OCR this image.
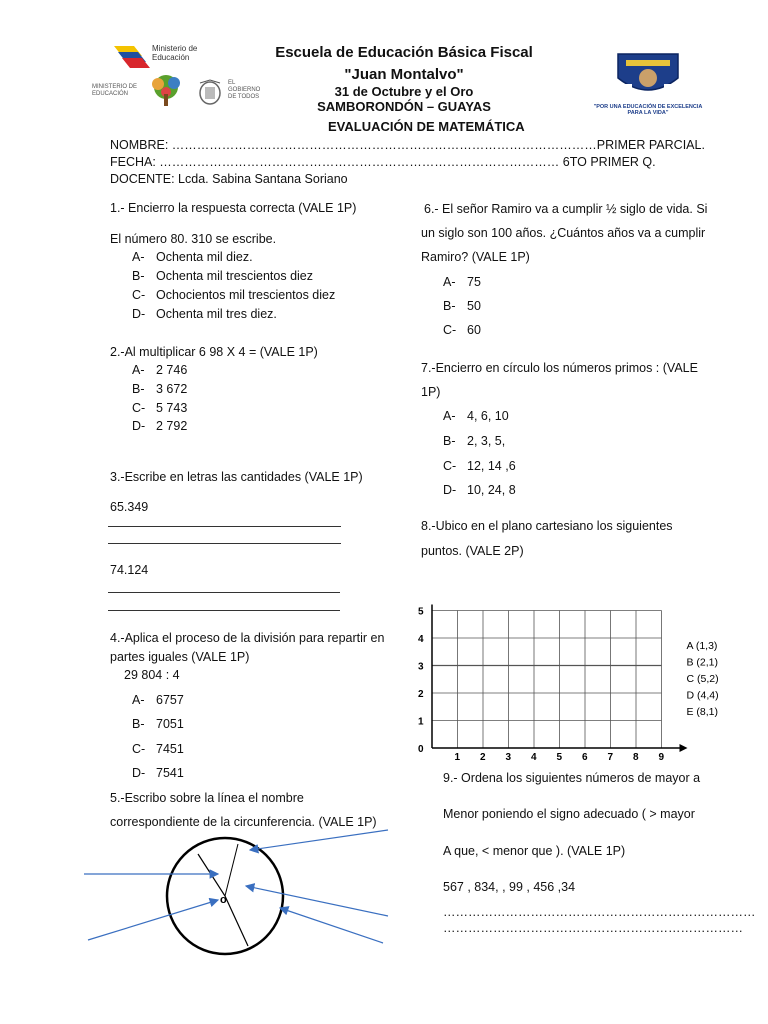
Ministerio de Educación
MINISTERIO DE EDUCACIÓN
EL GOBIERNO DE TODOS
"POR UNA EDUCACIÓN DE EXCELENCIA PARA LA VIDA"
Escuela de Educación Básica Fiscal
"Juan Montalvo"
31 de Octubre y el Oro
SAMBORONDÓN – GUAYAS
EVALUACIÓN DE MATEMÁTICA
NOMBRE: …………………………………………………………………………………………PRIMER PARCIAL.
FECHA: …………………………………………………………………………………… 6TO PRIMER Q.
DOCENTE: Lcda. Sabina Santana Soriano
1.- Encierro la respuesta correcta (VALE 1P)
El número 80. 310 se escribe.
A- Ochenta mil diez.
B- Ochenta mil trescientos diez
C- Ochocientos mil trescientos diez
D- Ochenta mil tres diez.
2.-Al multiplicar 6 98 X 4 = (VALE 1P)
A- 2 746
B- 3 672
C- 5 743
D- 2 792
3.-Escribe en letras las cantidades (VALE 1P)
65.349
74.124
4.-Aplica el proceso de la división para repartir en
partes iguales (VALE 1P)
29 804 : 4
A- 6757
B- 7051
C- 7451
D- 7541
5.-Escribo sobre la línea el nombre
correspondiente de la circunferencia. (VALE 1P)
o
6.- El señor Ramiro va a cumplir ½ siglo de vida. Si
un siglo son 100 años. ¿Cuántos años va a cumplir
Ramiro? (VALE 1P)
A- 75
B- 50
C- 60
7.-Encierro en círculo los números primos : (VALE
1P)
A- 4, 6, 10
B- 2, 3, 5,
C- 12, 14 ,6
D- 10, 24, 8
8.-Ubico en el plano cartesiano los siguientes
puntos. (VALE 2P)
1 2 3 4 5 6 7 8 9
0
1
2
3
4
5
A (1,3)
B (2,1)
C (5,2)
D (4,4)
E (8,1)
9.- Ordena los siguientes números de mayor a
Menor poniendo el signo adecuado ( > mayor
A que, < menor que ). (VALE 1P)
567 , 834, , 99 , 456 ,34
…………………………………………………………………
………………………………………………………………
